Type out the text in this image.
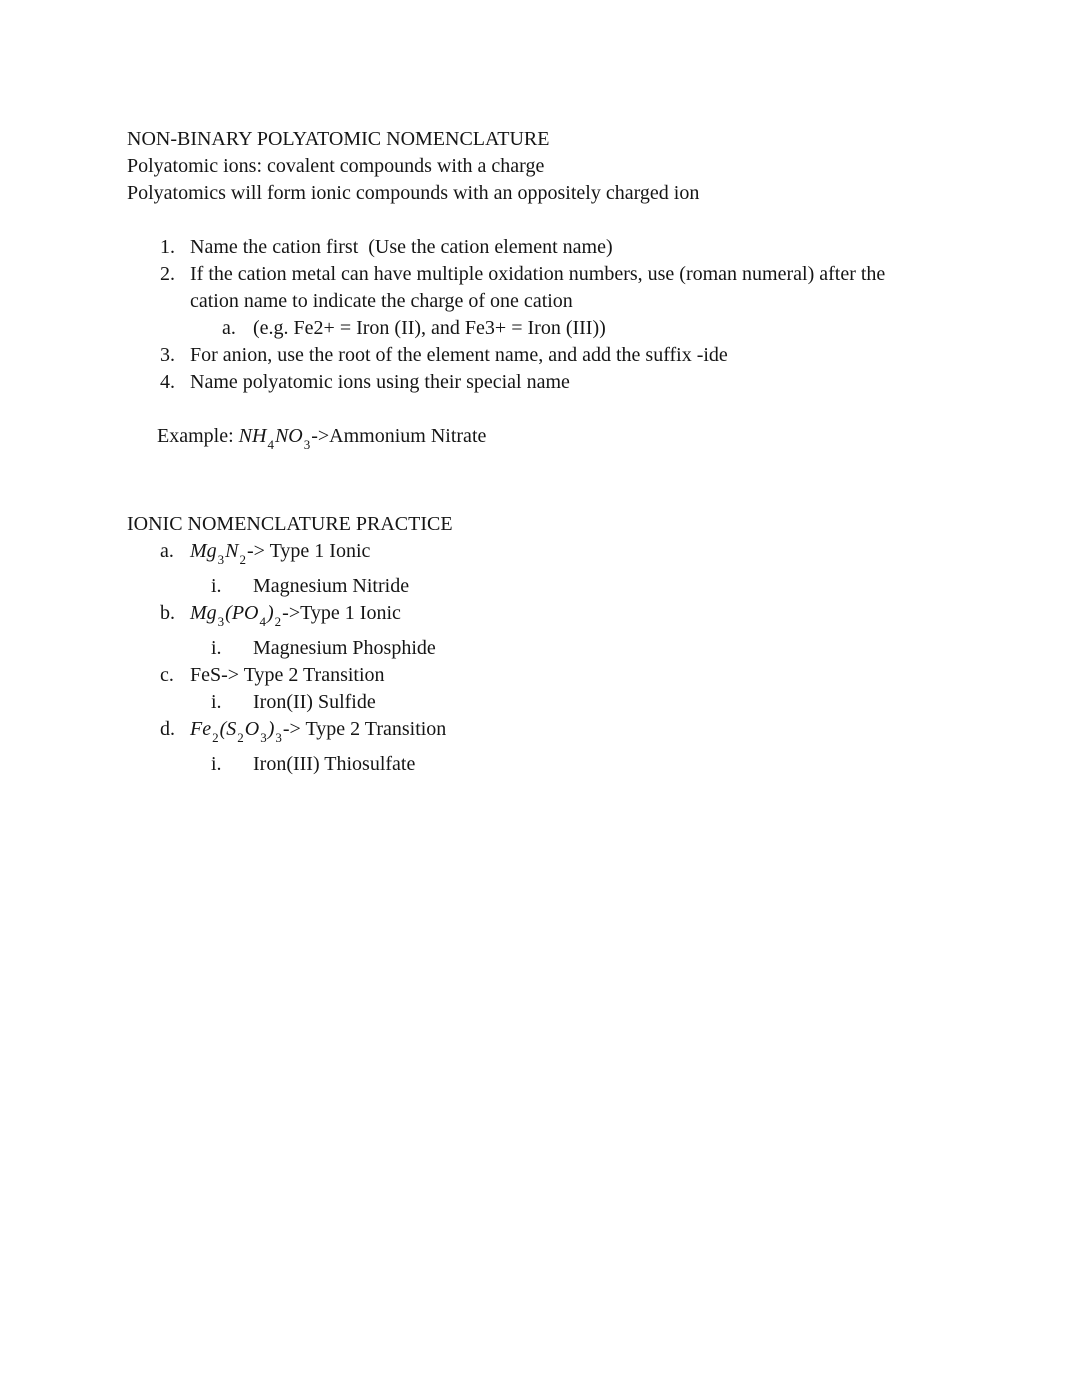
NON-BINARY POLYATOMIC NOMENCLATURE
Polyatomic ions: covalent compounds with a charge
Polyatomics will form ionic compounds with an oppositely charged ion
1. Name the cation first  (Use the cation element name)
2. If the cation metal can have multiple oxidation numbers, use (roman numeral) after the cation name to indicate the charge of one cation
a. (e.g. Fe2+ = Iron (II), and Fe3+ = Iron (III))
3. For anion, use the root of the element name, and add the suffix -ide
4. Name polyatomic ions using their special name

Example: $NH_4NO_3->Ammonium$ Nitrate

IONIC NOMENCLATURE PRACTICE
a. $Mg_3N_2->$ Type 1 Ionic
i.	Magnesium Nitride
b. $Mg_3(PO_4)_2->Type$ 1 Ionic
i.	Magnesium Phosphide
c. FeS-> Type 2 Transition
i.	Iron(II) Sulfide
d. $Fe_2(S_2O_3)_3->$ Type 2 Transition
i.	Iron(III) Thiosulfate
